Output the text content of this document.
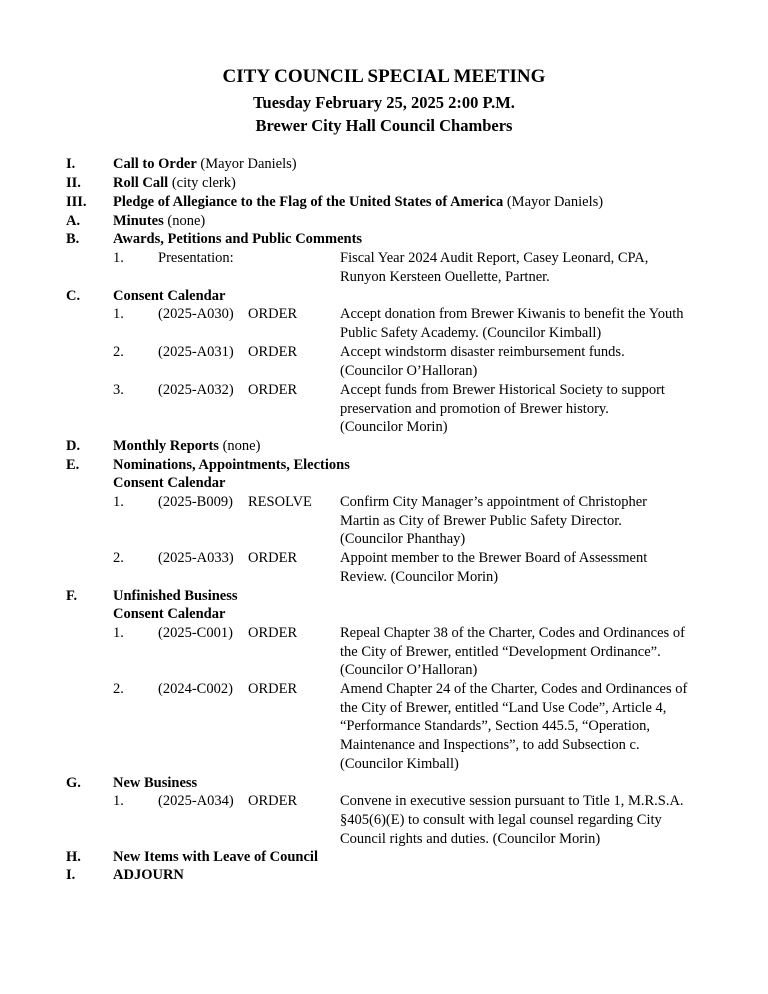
CITY COUNCIL SPECIAL MEETING
Tuesday February 25, 2025 2:00 P.M.
Brewer City Hall Council Chambers
I.	Call to Order (Mayor Daniels)
II. Roll Call (city clerk)
III. Pledge of Allegiance to the Flag of the United States of America (Mayor Daniels)
A. Minutes (none)
B. Awards, Petitions and Public Comments
1. Presentation:	Fiscal Year 2024 Audit Report, Casey Leonard, CPA,
Runyon Kersteen Ouellette, Partner.
C. Consent Calendar
1. (2025-A030) ORDER	Accept donation from Brewer Kiwanis to benefit the Youth
Public Safety Academy. (Councilor Kimball)
2. (2025-A031) ORDER	Accept windstorm disaster reimbursement funds.
(Councilor O’Halloran)
3. (2025-A032) ORDER	Accept funds from Brewer Historical Society to support
preservation and promotion of Brewer history.
(Councilor Morin)
D. Monthly Reports (none)
E. Nominations, Appointments, Elections
Consent Calendar
1. (2025-B009) RESOLVE Confirm City Manager’s appointment of Christopher
Martin as City of Brewer Public Safety Director.
(Councilor Phanthay)
2. (2025-A033) ORDER	Appoint member to the Brewer Board of Assessment
Review. (Councilor Morin)
F. Unfinished Business
Consent Calendar
1. (2025-C001) ORDER	Repeal Chapter 38 of the Charter, Codes and Ordinances of
the City of Brewer, entitled “Development Ordinance”.
(Councilor O’Halloran)
2. (2024-C002) ORDER	Amend Chapter 24 of the Charter, Codes and Ordinances of
the City of Brewer, entitled “Land Use Code”, Article 4,
“Performance Standards”, Section 445.5, “Operation,
Maintenance and Inspections”, to add Subsection c.
(Councilor Kimball)
G. New Business
1. (2025-A034) ORDER	Convene in executive session pursuant to Title 1, M.R.S.A.
§405(6)(E) to consult with legal counsel regarding City
Council rights and duties. (Councilor Morin)
H. New Items with Leave of Council
I.	ADJOURN
